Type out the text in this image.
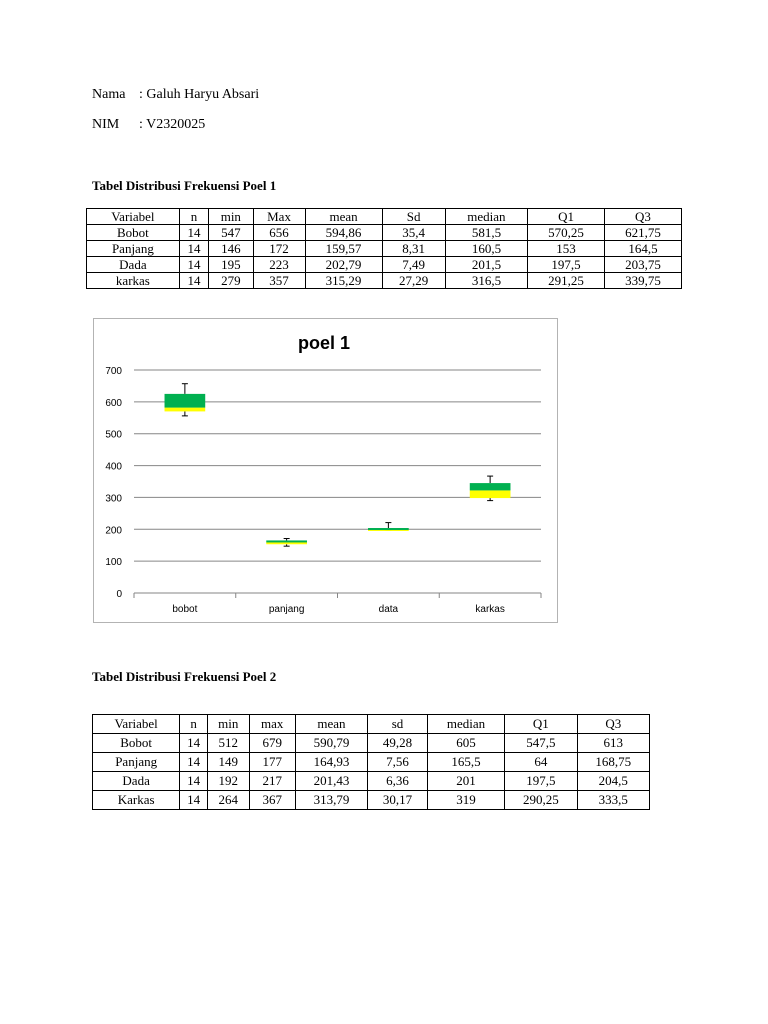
Nama : Galuh Haryu Absari
NIM : V2320025
Tabel Distribusi Frekuensi Poel 1
Variabel	n	min	Max	mean	Sd	median	Q1	Q3
Bobot	14	547	656	594,86	35,4	581,5	570,25	621,75
Panjang	14	146	172	159,57	8,31	160,5	153	164,5
Dada	14	195	223	202,79	7,49	201,5	197,5	203,75
karkas	14	279	357	315,29	27,29	316,5	291,25	339,75
poel 1
0
100
200
300
400
500
600
700
bobot	panjang	data	karkas
Tabel Distribusi Frekuensi Poel 2
Variabel	n	min	max	mean	sd	median	Q1	Q3
Bobot	14	512	679	590,79	49,28	605	547,5	613
Panjang	14	149	177	164,93	7,56	165,5	64	168,75
Dada	14	192	217	201,43	6,36	201	197,5	204,5
Karkas	14	264	367	313,79	30,17	319	290,25	333,5
